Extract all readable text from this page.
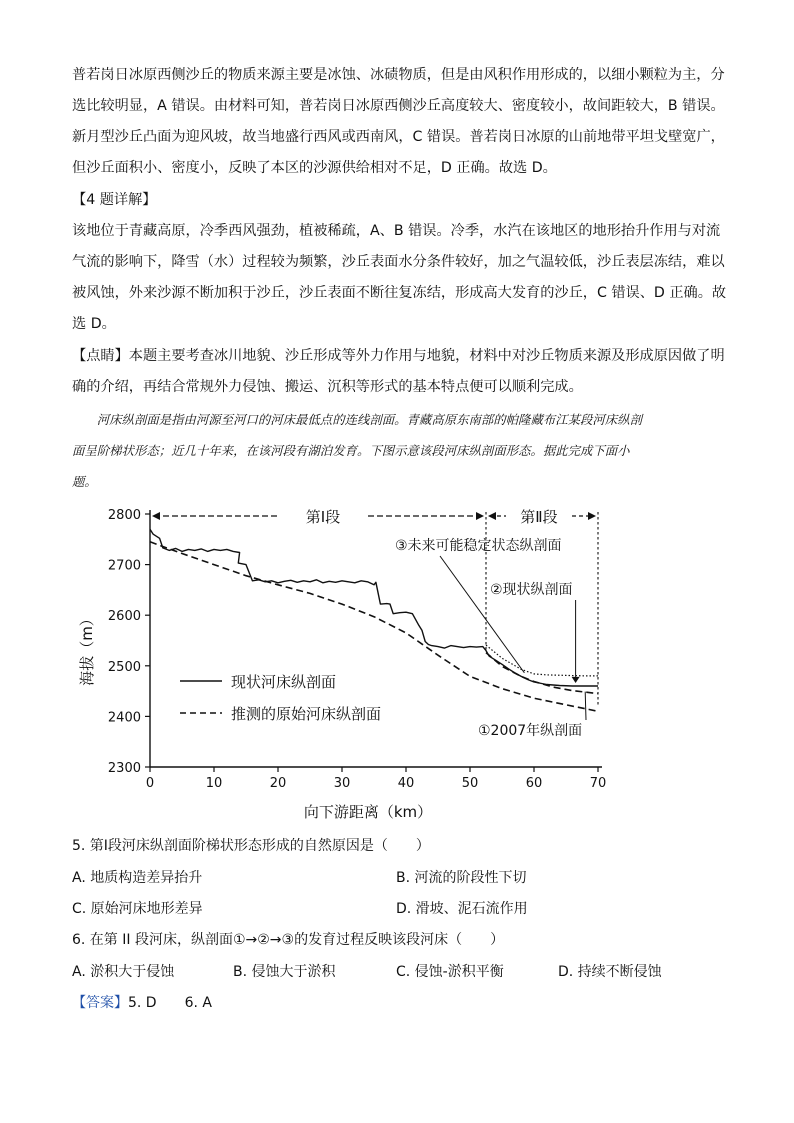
普若岗日冰原西侧沙丘的物质来源主要是冰蚀、冰碛物质，但是由风积作用形成的，以细小颗粒为主，分
选比较明显，A 错误。由材料可知，普若岗日冰原西侧沙丘高度较大、密度较小，故间距较大，B 错误。
新月型沙丘凸面为迎风坡，故当地盛行西风或西南风，C 错误。普若岗日冰原的山前地带平坦戈壁宽广，
但沙丘面积小、密度小，反映了本区的沙源供给相对不足，D 正确。故选 D。
【4 题详解】
该地位于青藏高原，冷季西风强劲，植被稀疏，A、B 错误。冷季，水汽在该地区的地形抬升作用与对流
气流的影响下，降雪（水）过程较为频繁，沙丘表面水分条件较好，加之气温较低，沙丘表层冻结，难以
被风蚀，外来沙源不断加积于沙丘，沙丘表面不断往复冻结，形成高大发育的沙丘，C 错误、D 正确。故
选 D。
【点睛】本题主要考查冰川地貌、沙丘形成等外力作用与地貌，材料中对沙丘物质来源及形成原因做了明
确的介绍，再结合常规外力侵蚀、搬运、沉积等形式的基本特点便可以顺利完成。
　　河床纵剖面是指由河源至河口的河床最低点的连线剖面。青藏高原东南部的帕隆藏布江某段河床纵剖
面呈阶梯状形态；近几十年来，在该河段有湖泊发育。下图示意该段河床纵剖面形态。据此完成下面小
题。
0	10	20	30	40	50	60	70
2300
2400
2500
2600
2700
2800
向下游距离（km）
海拔（m）
第Ⅰ段	第Ⅱ段
现状河床纵剖面
推测的原始河床纵剖面
③未来可能稳定状态纵剖面
②现状纵剖面
①2007年纵剖面

5. 第Ⅰ段河床纵剖面阶梯状形态形成的自然原因是（　　）

A. 地质构造差异抬升	B. 河流的阶段性下切
C. 原始河床地形差异	D. 滑坡、泥石流作用

6. 在第 II 段河床，纵剖面①→②→③的发育过程反映该段河床（　　）

A. 淤积大于侵蚀	B. 侵蚀大于淤积	C. 侵蚀-淤积平衡	D. 持续不断侵蚀
【答案】5. D　　6. A
